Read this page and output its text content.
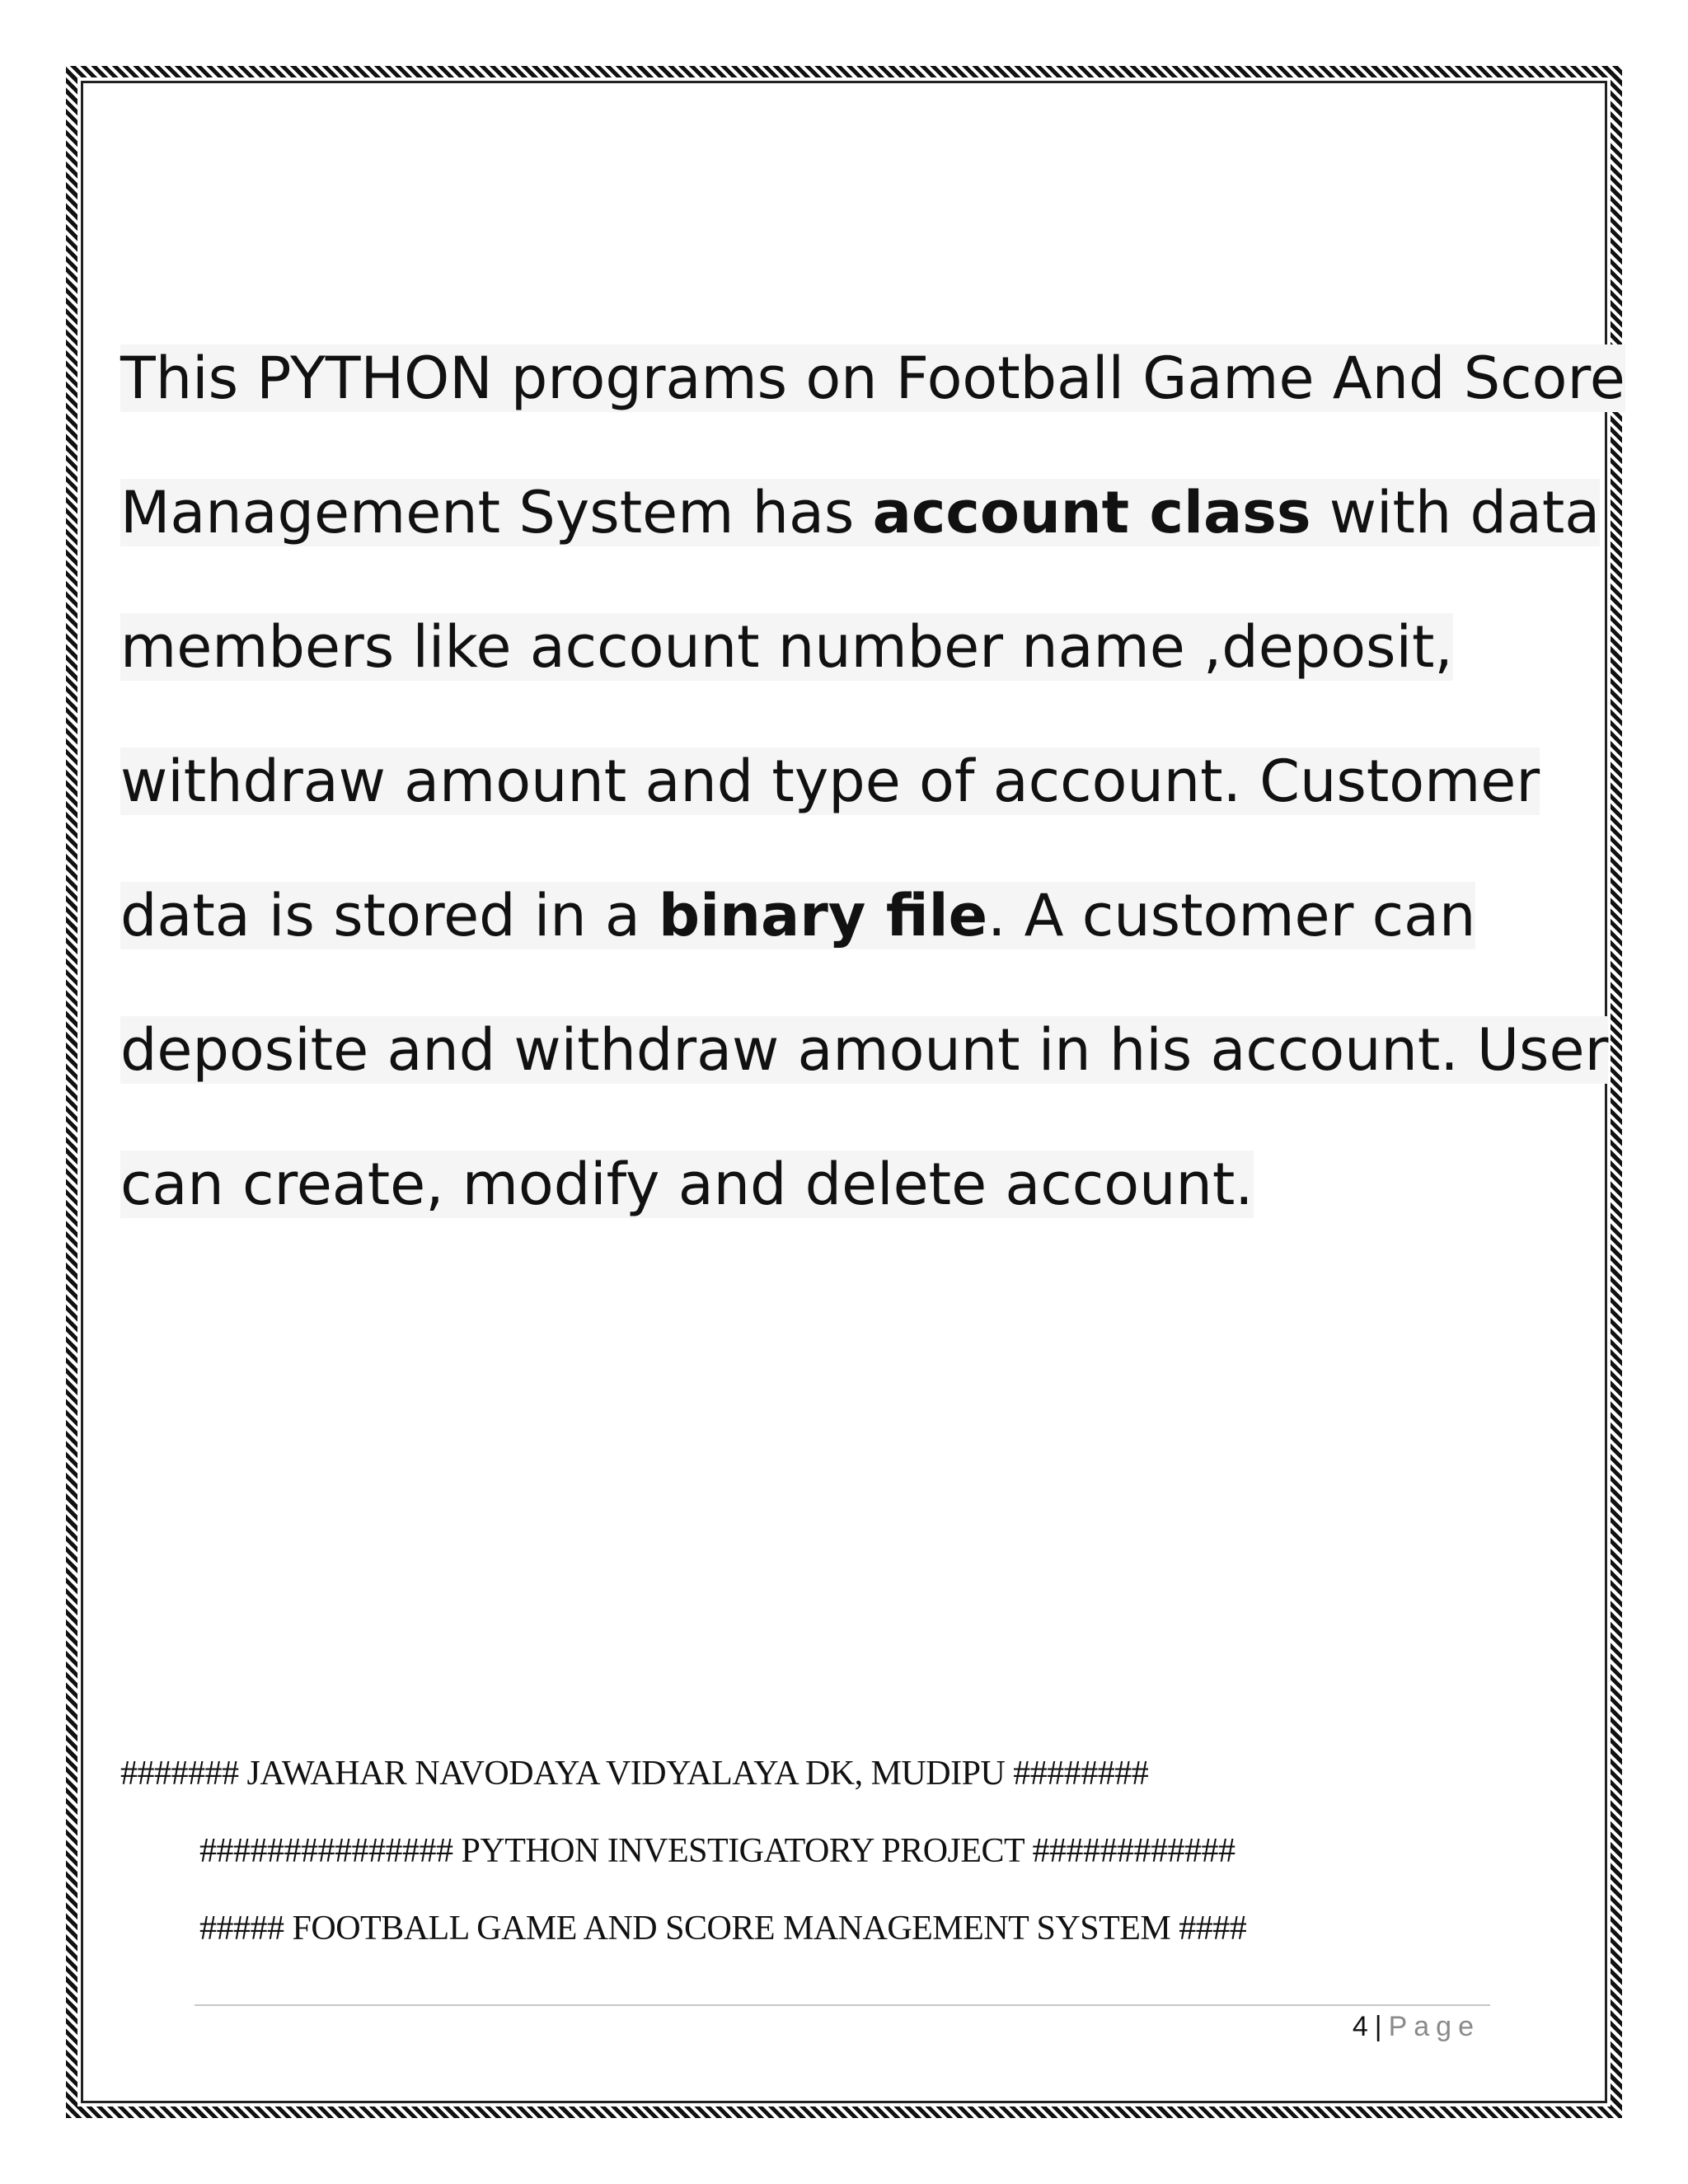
This PYTHON programs on Football Game And Score
Management System has account class with data
members like account number name ,deposit,
withdraw amount and type of account. Customer
data is stored in a binary file. A customer can
deposite and withdraw amount in his account. User
can create, modify and delete account.
####### JAWAHAR NAVODAYA VIDYALAYA DK, MUDIPU ########
############### PYTHON INVESTIGATORY PROJECT ############
##### FOOTBALL GAME AND SCORE MANAGEMENT SYSTEM ####
4 | Page
